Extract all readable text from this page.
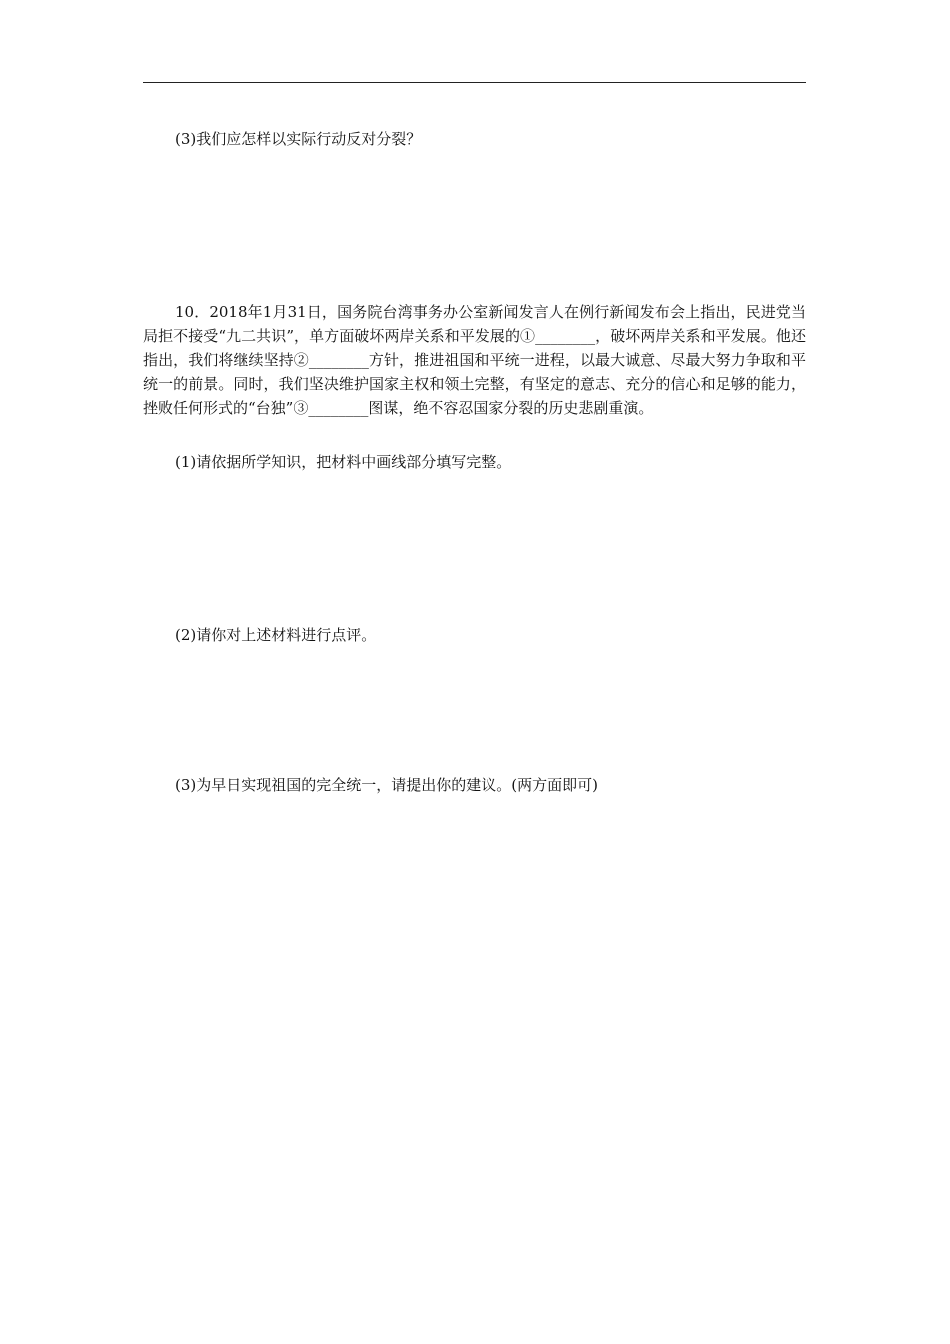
(3)我们应怎样以实际行动反对分裂？
10．2018年1月31日，国务院台湾事务办公室新闻发言人在例行新闻发布会上指出，民进党当局拒不接受“九二共识”，单方面破坏两岸关系和平发展的①________，破坏两岸关系和平发展。他还指出，我们将继续坚持②________方针，推进祖国和平统一进程，以最大诚意、尽最大努力争取和平统一的前景。同时，我们坚决维护国家主权和领土完整，有坚定的意志、充分的信心和足够的能力，挫败任何形式的“台独”③________图谋，绝不容忍国家分裂的历史悲剧重演。
(1)请依据所学知识，把材料中画线部分填写完整。
(2)请你对上述材料进行点评。
(3)为早日实现祖国的完全统一，请提出你的建议。(两方面即可)
